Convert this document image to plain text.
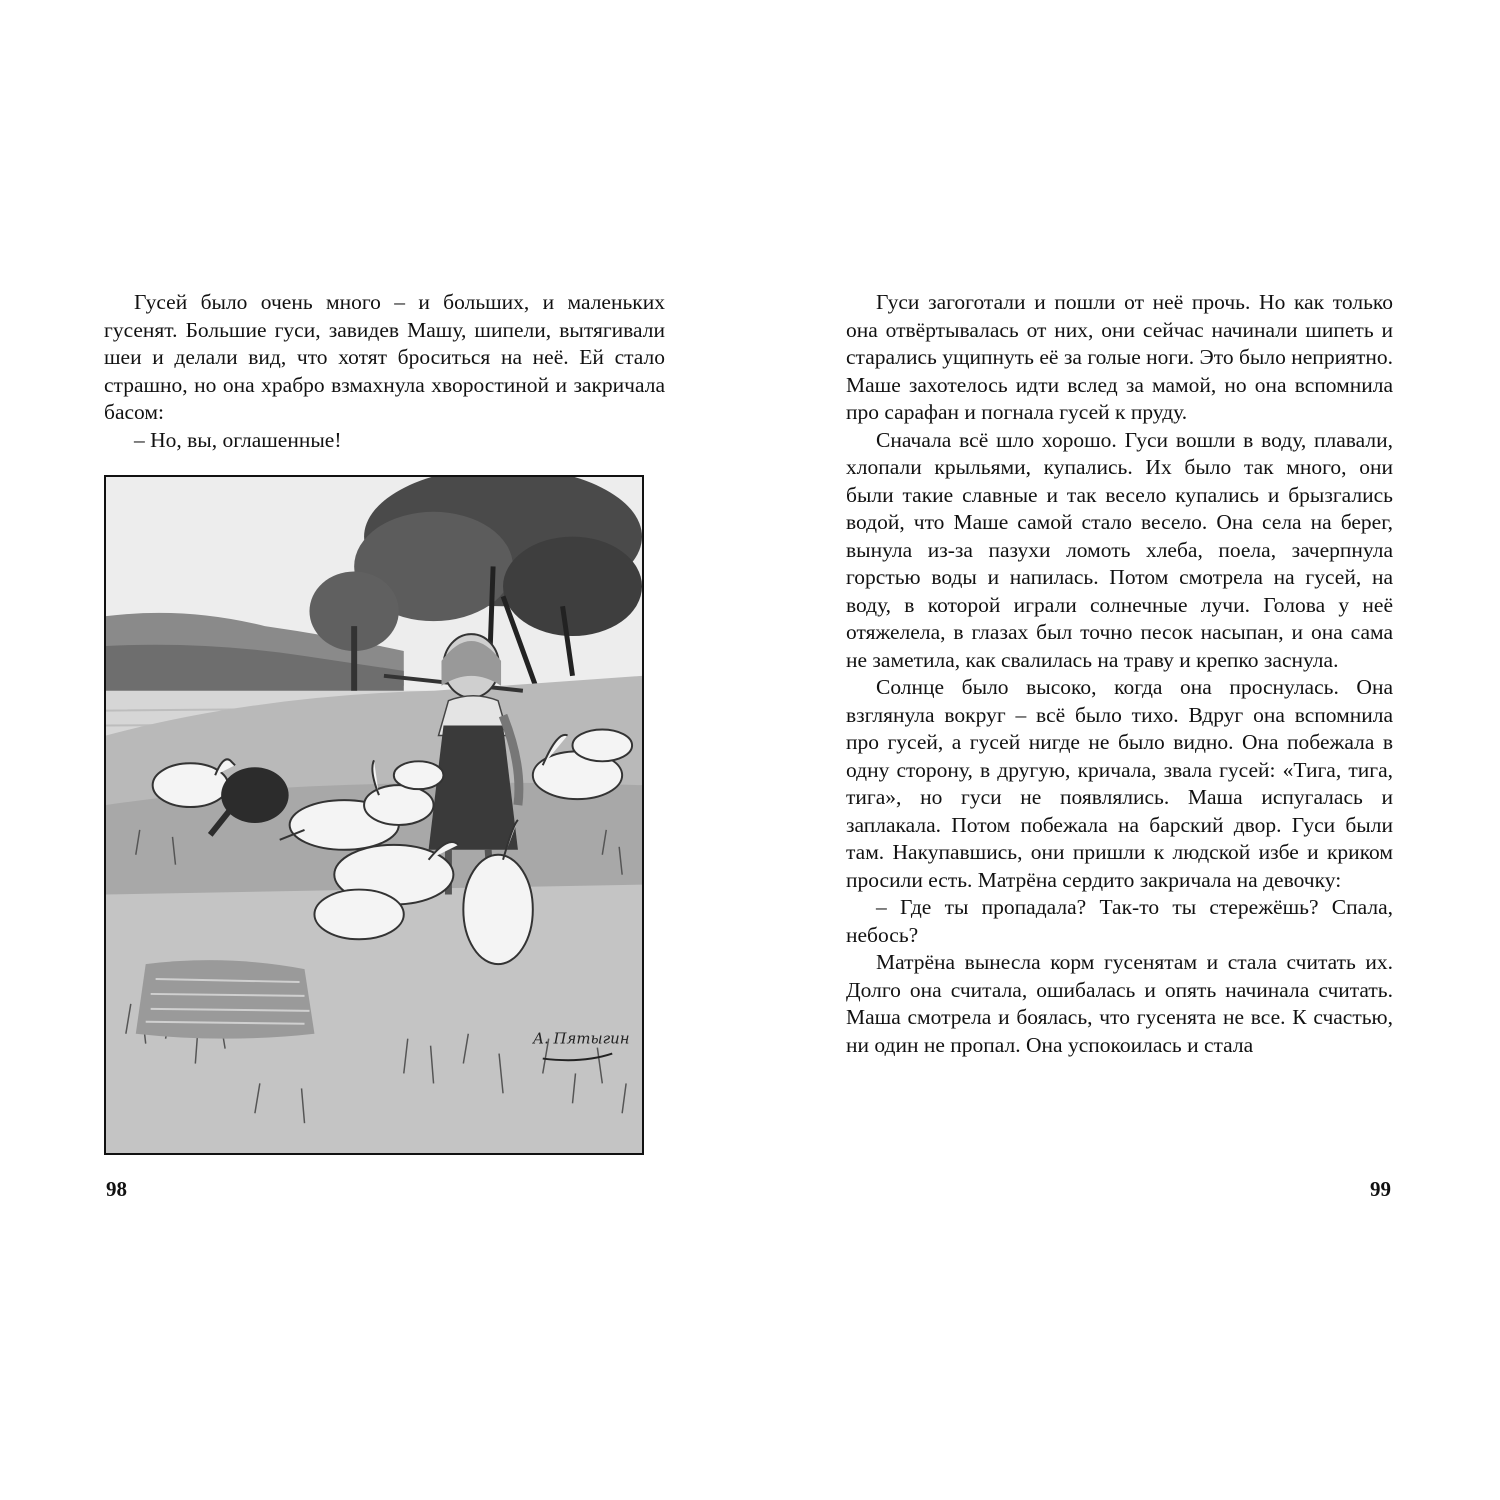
Гусей было очень много – и больших, и маленьких гусенят. Большие гуси, завидев Машу, шипели, вытягивали шеи и делали вид, что хотят броситься на неё. Ей стало страшно, но она храбро взмахнула хворостиной и закричала басом:

– Но, вы, оглашенные!

А. Пятыгин
98

Гуси загоготали и пошли от неё прочь. Но как только она отвёртывалась от них, они сейчас начинали шипеть и старались ущипнуть её за голые ноги. Это было неприятно. Маше захотелось идти вслед за мамой, но она вспомнила про сарафан и погнала гусей к пруду.

Сначала всё шло хорошо. Гуси вошли в воду, плавали, хлопали крыльями, купались. Их было так много, они были такие славные и так весело купались и брызгались водой, что Маше самой стало весело. Она села на берег, вынула из-за пазухи ломоть хлеба, поела, зачерпнула горстью воды и напилась. Потом смотрела на гусей, на воду, в которой играли солнечные лучи. Голова у неё отяжелела, в глазах был точно песок насыпан, и она сама не заметила, как свалилась на траву и крепко заснула.

Солнце было высоко, когда она проснулась. Она взглянула вокруг – всё было тихо. Вдруг она вспомнила про гусей, а гусей нигде не было видно. Она побежала в одну сторону, в другую, кричала, звала гусей: «Тига, тига, тига», но гуси не появлялись. Маша испугалась и заплакала. Потом побежала на барский двор. Гуси были там. Накупавшись, они пришли к людской избе и криком просили есть. Матрёна сердито закричала на девочку:

– Где ты пропадала? Так-то ты стережёшь? Спала, небось?

Матрёна вынесла корм гусенятам и стала считать их. Долго она считала, ошибалась и опять начинала считать. Маша смотрела и боялась, что гусенята не все. К счастью, ни один не пропал. Она успокоилась и стала

99
